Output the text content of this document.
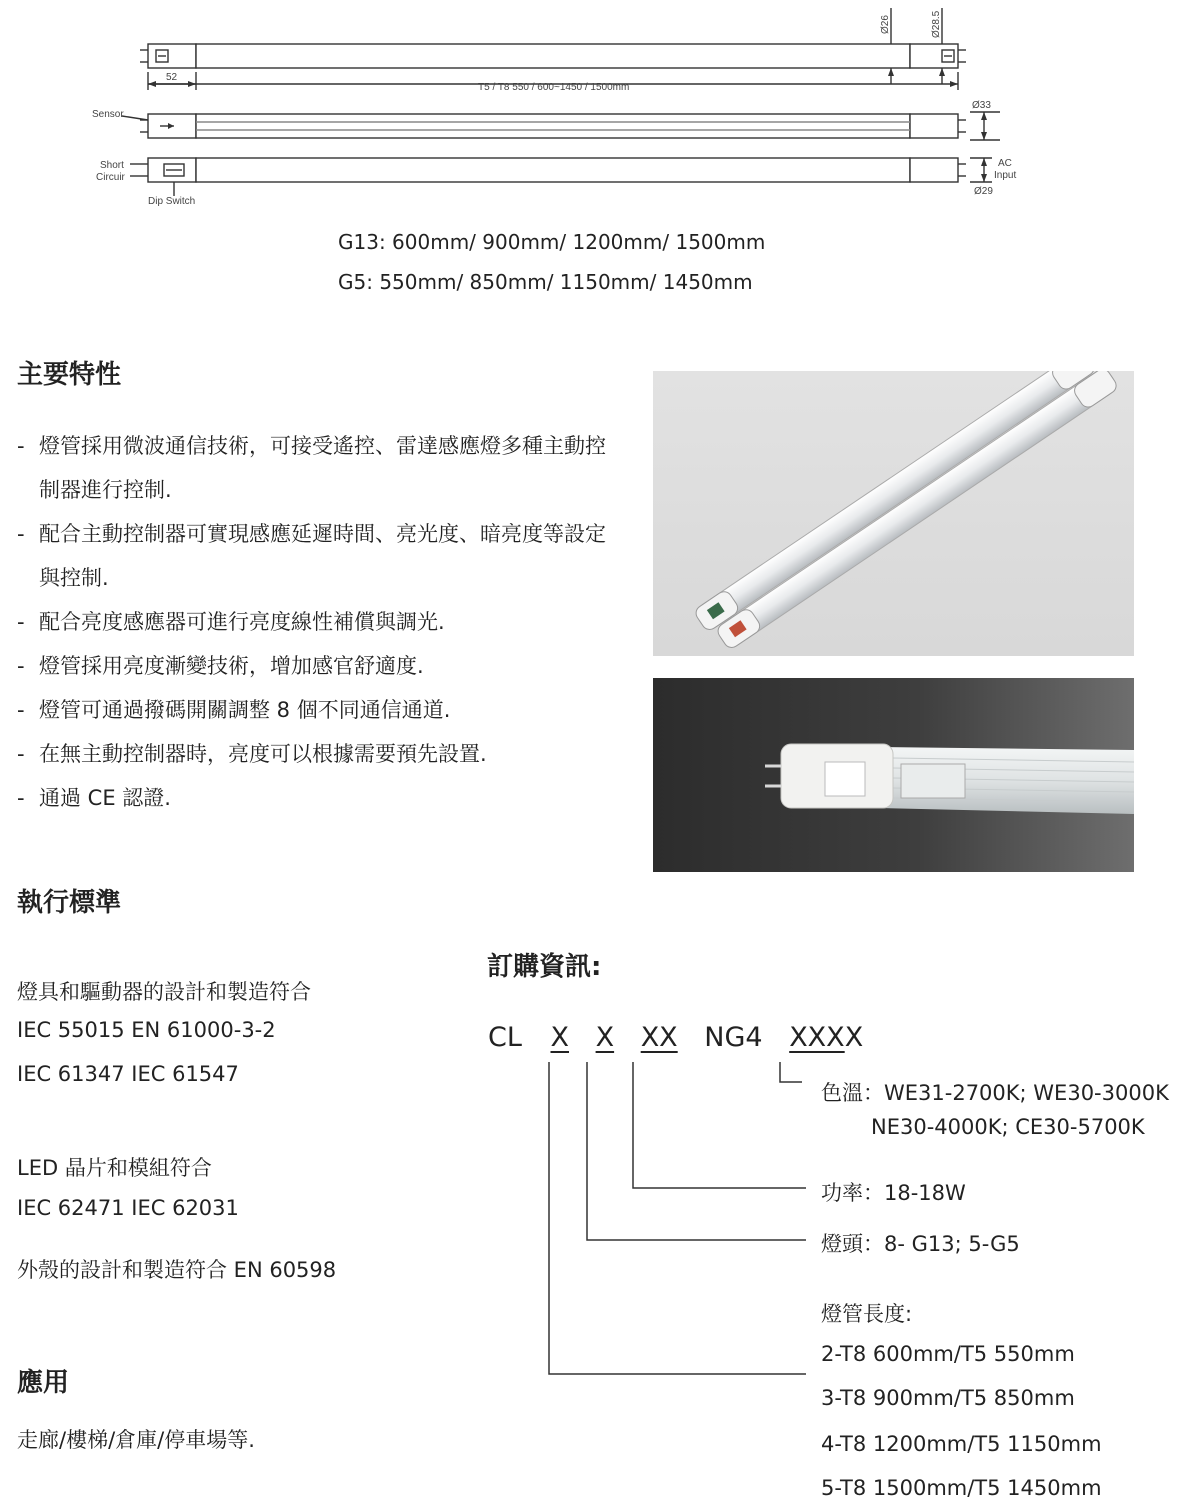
52
T5 / T8 550 / 600~1450 / 1500mm
Ø26	Ø28.5
Ø33
Ø29
Sensor
Short
Circuir
Dip Switch
AC
Input
G13: 600mm/ 900mm/ 1200mm/ 1500mm
G5: 550mm/ 850mm/ 1150mm/ 1450mm
主要特性
- 燈管採用微波通信技術，可接受遙控、雷達感應燈多種主動控制器進行控制.
- 配合主動控制器可實現感應延遲時間、亮光度、暗亮度等設定與控制.
- 配合亮度感應器可進行亮度線性補償與調光.
- 燈管採用亮度漸變技術，增加感官舒適度.
- 燈管可通過撥碼開關調整 8 個不同通信通道.
- 在無主動控制器時，亮度可以根據需要預先設置.
- 通過 CE 認證.
執行標準
燈具和驅動器的設計和製造符合
IEC 55015 EN 61000-3-2
IEC 61347 IEC 61547
LED 晶片和模組符合
IEC 62471 IEC 62031
外殼的設計和製造符合 EN 60598
應用
走廊/樓梯/倉庫/停車場等.
訂購資訊:
CL X X XX NG4 XXXX
色溫：WE31-2700K; WE30-3000K
NE30-4000K; CE30-5700K
功率：18-18W
燈頭：8- G13; 5-G5
燈管長度:
2-T8 600mm/T5 550mm
3-T8 900mm/T5 850mm
4-T8 1200mm/T5 1150mm
5-T8 1500mm/T5 1450mm
